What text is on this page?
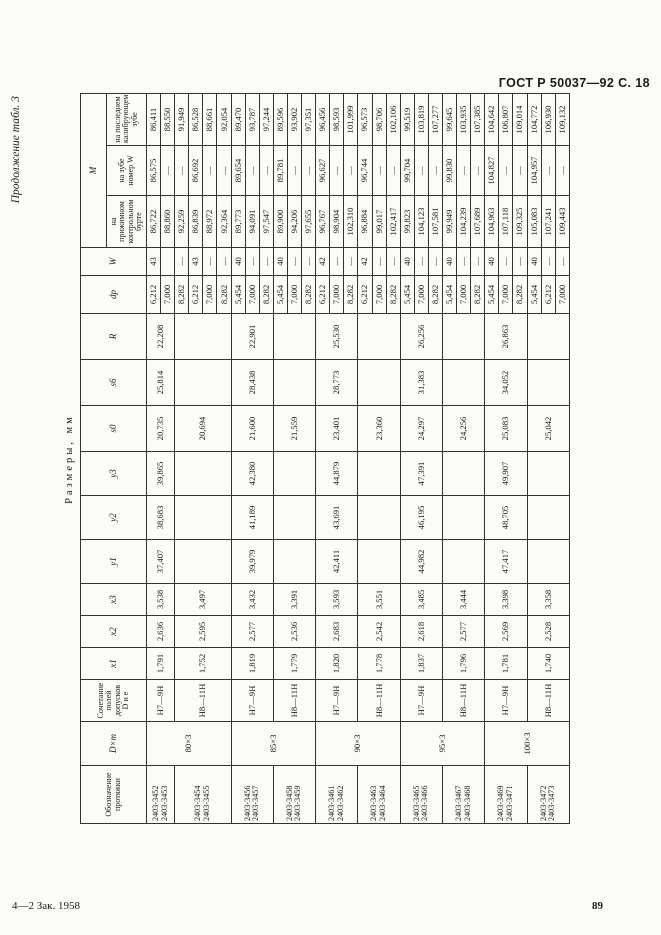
ГОСТ Р 50037—92 С. 18
Продолжение табл. 3
Размеры, мм
Обозначение протяжки	D×m	Сочетание полей допусков D и e	x1	x2	x3	y1	y2	y3	s0	s6	R	dp	W	M		
														на прижимном контрольном бурте	на зубе номер W	на последнем калибрующем зубе

2403-3452 2403-3453	80×3	H7—9H	1,791	2,636	3,538	37,407	38,683	39,865	20,735	25,814	22,208	6,212	43	86,722	86,575	86,411
												7,000		88,860	—	88,550

2403-3454 2403-3455		H8—11H	1,752	2,595	3,497				20,694			8,282	—	92,259	—	91,949
												6,212	43	86,839	86,692	86,528
												7,000	—	88,972	—	88,661
												8,282	—	92,364	—	92,054

2403-3456 2403-3457	85×3	H7—9H	1,819	2,577	3,432	39,979	41,189	42,380	21,600	28,438	22,901	5,454	40	89,773	89,654	89,470
												7,000	—	94,091	—	93,787
												8,282	—	97,547	—	97,244

2403-3458 2403-3459		H8—11H	1,779	2,536	3,391				21,559			5,454	40	89,900	89,781	89,596
												7,000	—	94,206	—	93,902
												8,282	—	97,655	—	97,351

2403-3461 2403-3462	90×3	H7—9H	1,820	2,683	3,593	42,411	43,691	44,879	23,401	28,773	25,530	6,212	42	96,767	96,627	96,456
												7,000	—	98,904	—	98,593
												8,282	—	102,310	—	101,999

2403-3463 2403-3464		H8—11H	1,778	2,542	3,551				23,360			6,212	42	96,884	96,744	96,573
												7,000	—	99,017	—	98,706
												8,282	—	102,417	—	102,106

2403-3465 2403-3466	95×3	H7—9H	1,837	2,618	3,485	44,982	46,195	47,391	24,297	31,383	26,256	5,454	40	99,823	99,704	99,519
												7,000	—	104,123	—	103,819
												8,282	—	107,581	—	107,277

2403-3467 2403-3468		H8—11H	1,796	2,577	3,444				24,256			5,454	40	99,949	99,830	99,645
												7,000	—	104,239	—	103,935
												8,282	—	107,689	—	107,385

2403-3469 2403-3471	100×3	H7—9H	1,781	2,569	3,398	47,417	48,705	49,907	25,083	34,052	26,863	5,454	40	104,963	104,827	104,642
												7,000	—	107,118	—	106,807
												8,282	—	109,325	—	109,014

2403-3472 2403-3473		H8—11H	1,740	2,528	3,358				25,042			5,454	40	105,083	104,957	104,772
												6,212	—	107,241	—	106,930
												7,000	—	109,443	—	109,132
4—2 Зак. 1958	89
